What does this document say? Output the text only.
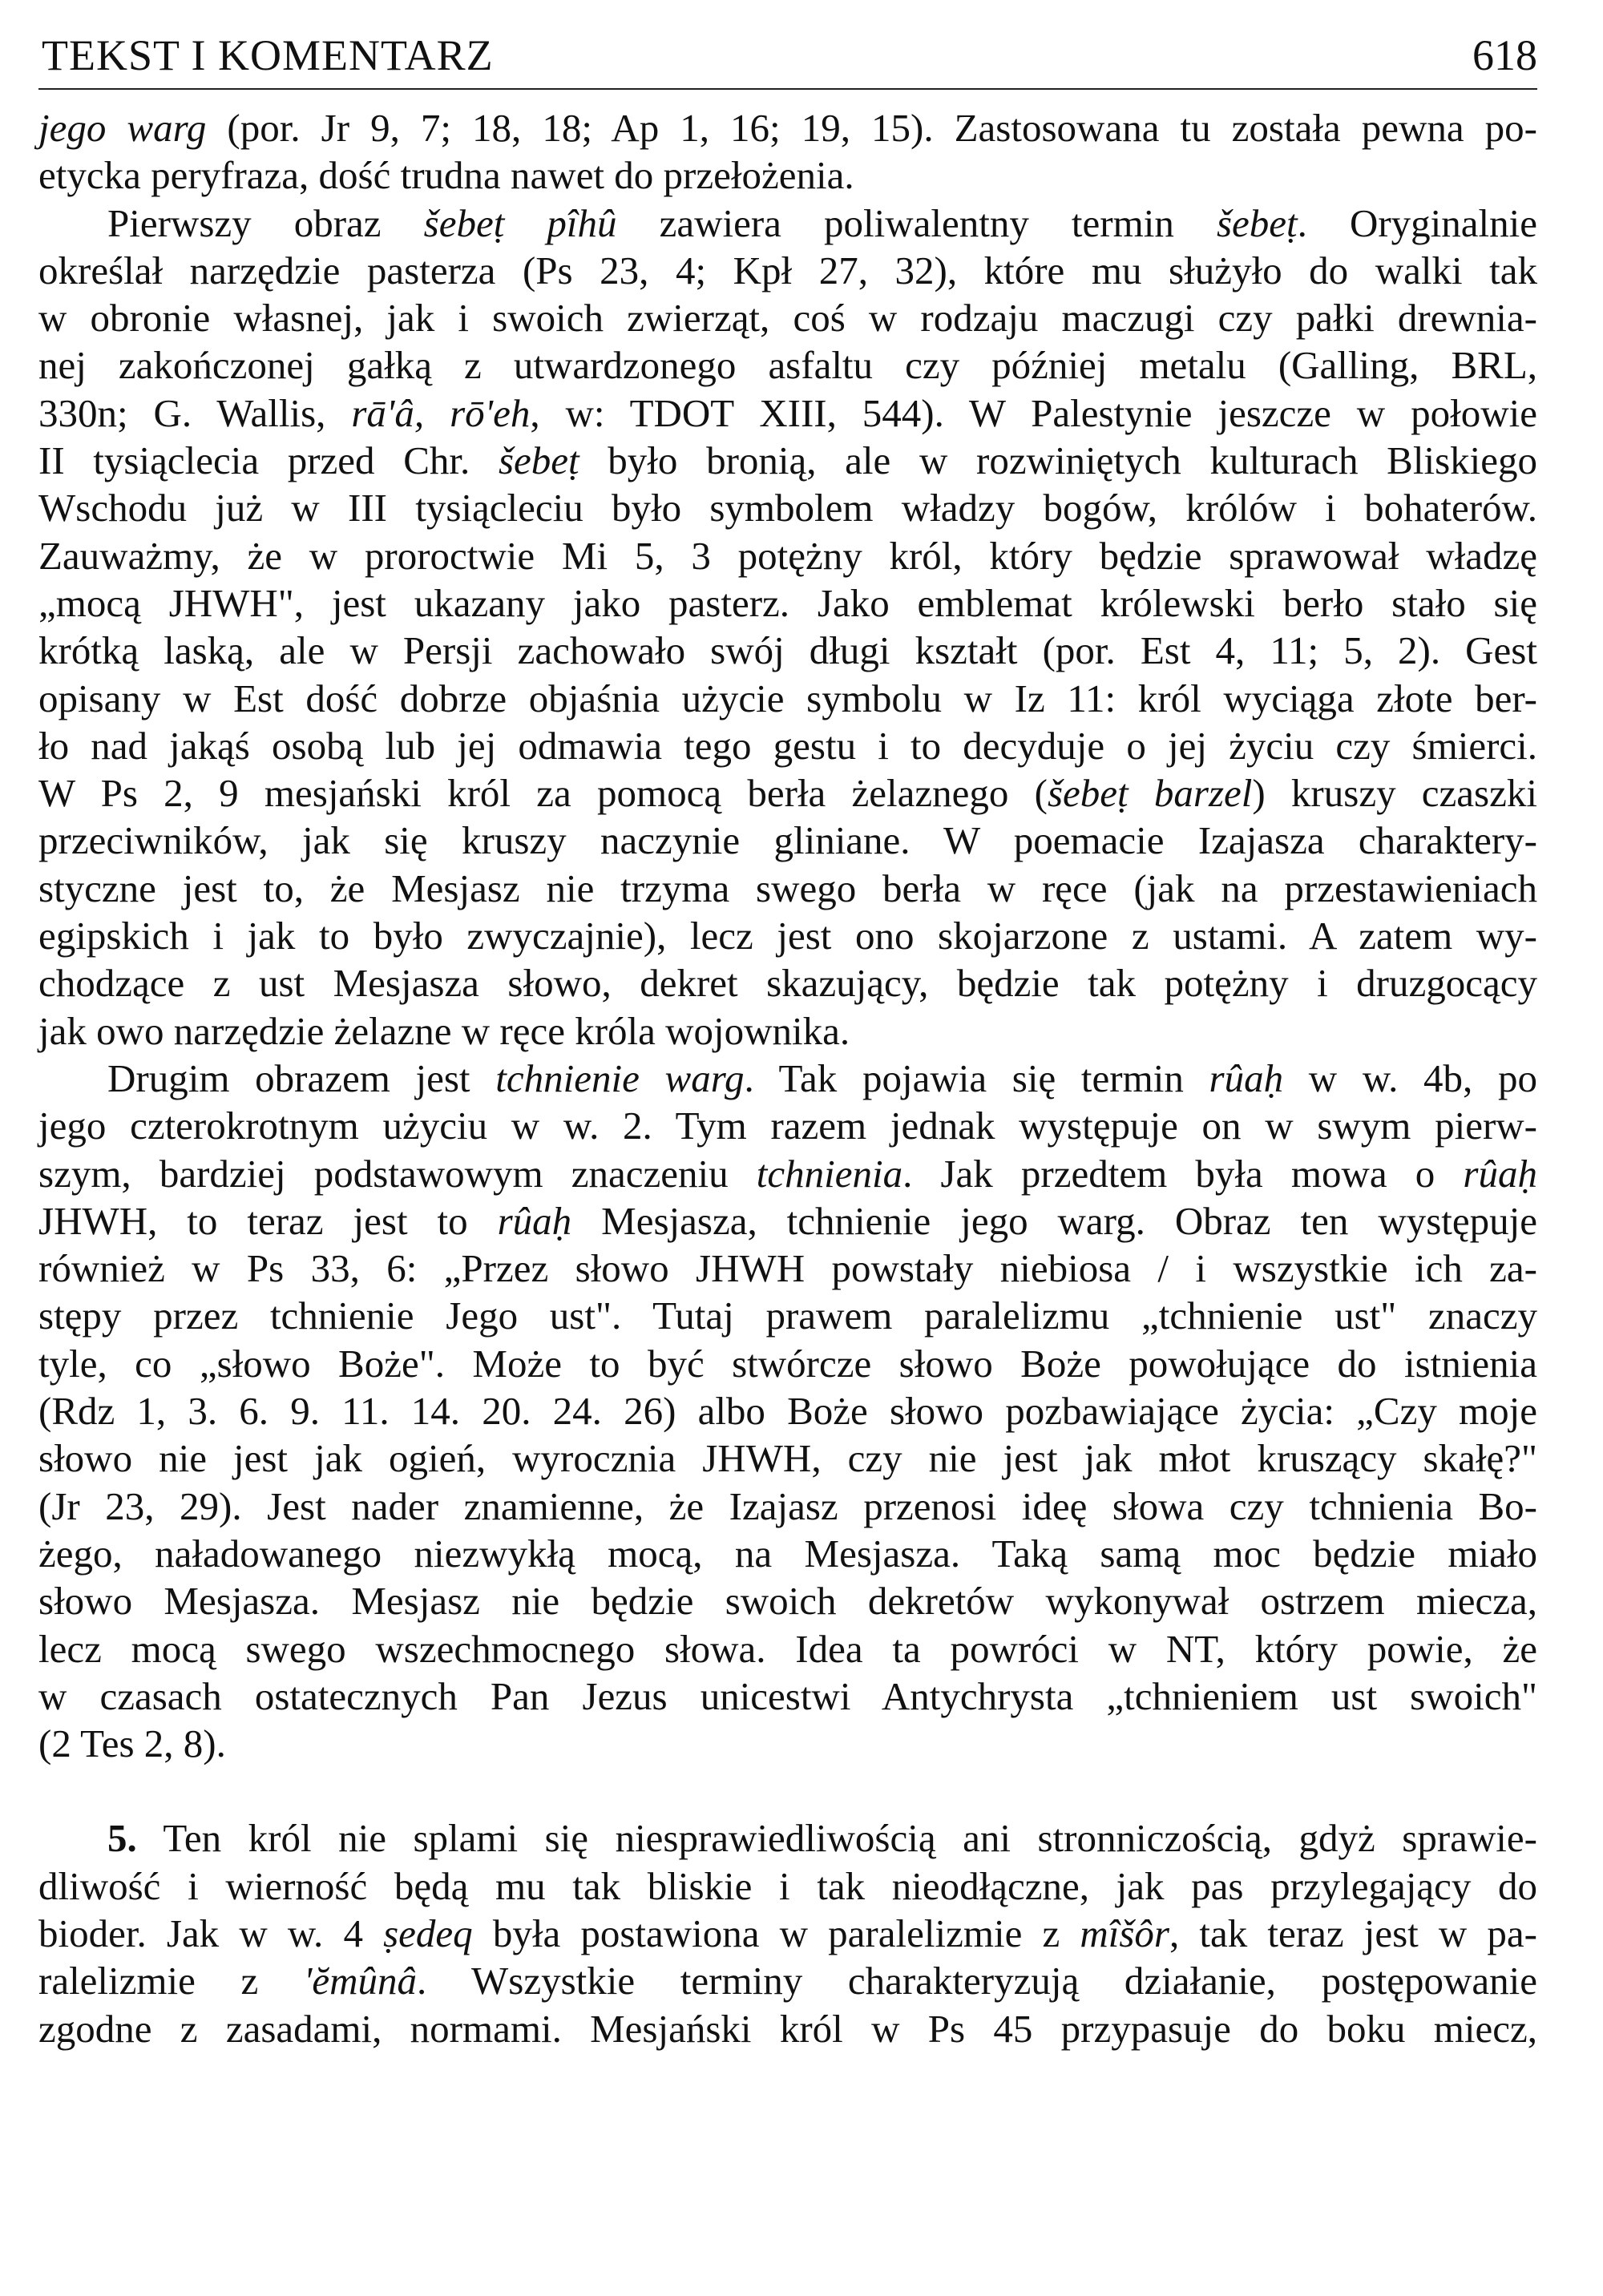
TEKST I KOMENTARZ	618
jego warg (por. Jr 9, 7; 18, 18; Ap 1, 16; 19, 15). Zastosowana tu została pewna po-
etycka peryfraza, dość trudna nawet do przełożenia.
Pierwszy obraz šebeṭ pîhû zawiera poliwalentny termin šebeṭ. Oryginalnie
określał narzędzie pasterza (Ps 23, 4; Kpł 27, 32), które mu służyło do walki tak
w obronie własnej, jak i swoich zwierząt, coś w rodzaju maczugi czy pałki drewnia-
nej zakończonej gałką z utwardzonego asfaltu czy później metalu (Galling, BRL,
330n; G. Wallis, rā'â, rō'eh, w: TDOT XIII, 544). W Palestynie jeszcze w połowie
II tysiąclecia przed Chr. šebeṭ było bronią, ale w rozwiniętych kulturach Bliskiego
Wschodu już w III tysiącleciu było symbolem władzy bogów, królów i bohaterów.
Zauważmy, że w proroctwie Mi 5, 3 potężny król, który będzie sprawował władzę
„mocą JHWH", jest ukazany jako pasterz. Jako emblemat królewski berło stało się
krótką laską, ale w Persji zachowało swój długi kształt (por. Est 4, 11; 5, 2). Gest
opisany w Est dość dobrze objaśnia użycie symbolu w Iz 11: król wyciąga złote ber-
ło nad jakąś osobą lub jej odmawia tego gestu i to decyduje o jej życiu czy śmierci.
W Ps 2, 9 mesjański król za pomocą berła żelaznego (šebeṭ barzel) kruszy czaszki
przeciwników, jak się kruszy naczynie gliniane. W poemacie Izajasza charaktery-
styczne jest to, że Mesjasz nie trzyma swego berła w ręce (jak na przestawieniach
egipskich i jak to było zwyczajnie), lecz jest ono skojarzone z ustami. A zatem wy-
chodzące z ust Mesjasza słowo, dekret skazujący, będzie tak potężny i druzgocący
jak owo narzędzie żelazne w ręce króla wojownika.
Drugim obrazem jest tchnienie warg. Tak pojawia się termin rûaḥ w w. 4b, po
jego czterokrotnym użyciu w w. 2. Tym razem jednak występuje on w swym pierw-
szym, bardziej podstawowym znaczeniu tchnienia. Jak przedtem była mowa o rûaḥ
JHWH, to teraz jest to rûaḥ Mesjasza, tchnienie jego warg. Obraz ten występuje
również w Ps 33, 6: „Przez słowo JHWH powstały niebiosa / i wszystkie ich za-
stępy przez tchnienie Jego ust". Tutaj prawem paralelizmu „tchnienie ust" znaczy
tyle, co „słowo Boże". Może to być stwórcze słowo Boże powołujące do istnienia
(Rdz 1, 3. 6. 9. 11. 14. 20. 24. 26) albo Boże słowo pozbawiające życia: „Czy moje
słowo nie jest jak ogień, wyrocznia JHWH, czy nie jest jak młot kruszący skałę?"
(Jr 23, 29). Jest nader znamienne, że Izajasz przenosi ideę słowa czy tchnienia Bo-
żego, naładowanego niezwykłą mocą, na Mesjasza. Taką samą moc będzie miało
słowo Mesjasza. Mesjasz nie będzie swoich dekretów wykonywał ostrzem miecza,
lecz mocą swego wszechmocnego słowa. Idea ta powróci w NT, który powie, że
w czasach ostatecznych Pan Jezus unicestwi Antychrysta „tchnieniem ust swoich"
(2 Tes 2, 8).
5. Ten król nie splami się niesprawiedliwością ani stronniczością, gdyż sprawie-
dliwość i wierność będą mu tak bliskie i tak nieodłączne, jak pas przylegający do
bioder. Jak w w. 4 ṣedeq była postawiona w paralelizmie z mîšôr, tak teraz jest w pa-
ralelizmie z 'ĕmûnâ. Wszystkie terminy charakteryzują działanie, postępowanie
zgodne z zasadami, normami. Mesjański król w Ps 45 przypasuje do boku miecz,
